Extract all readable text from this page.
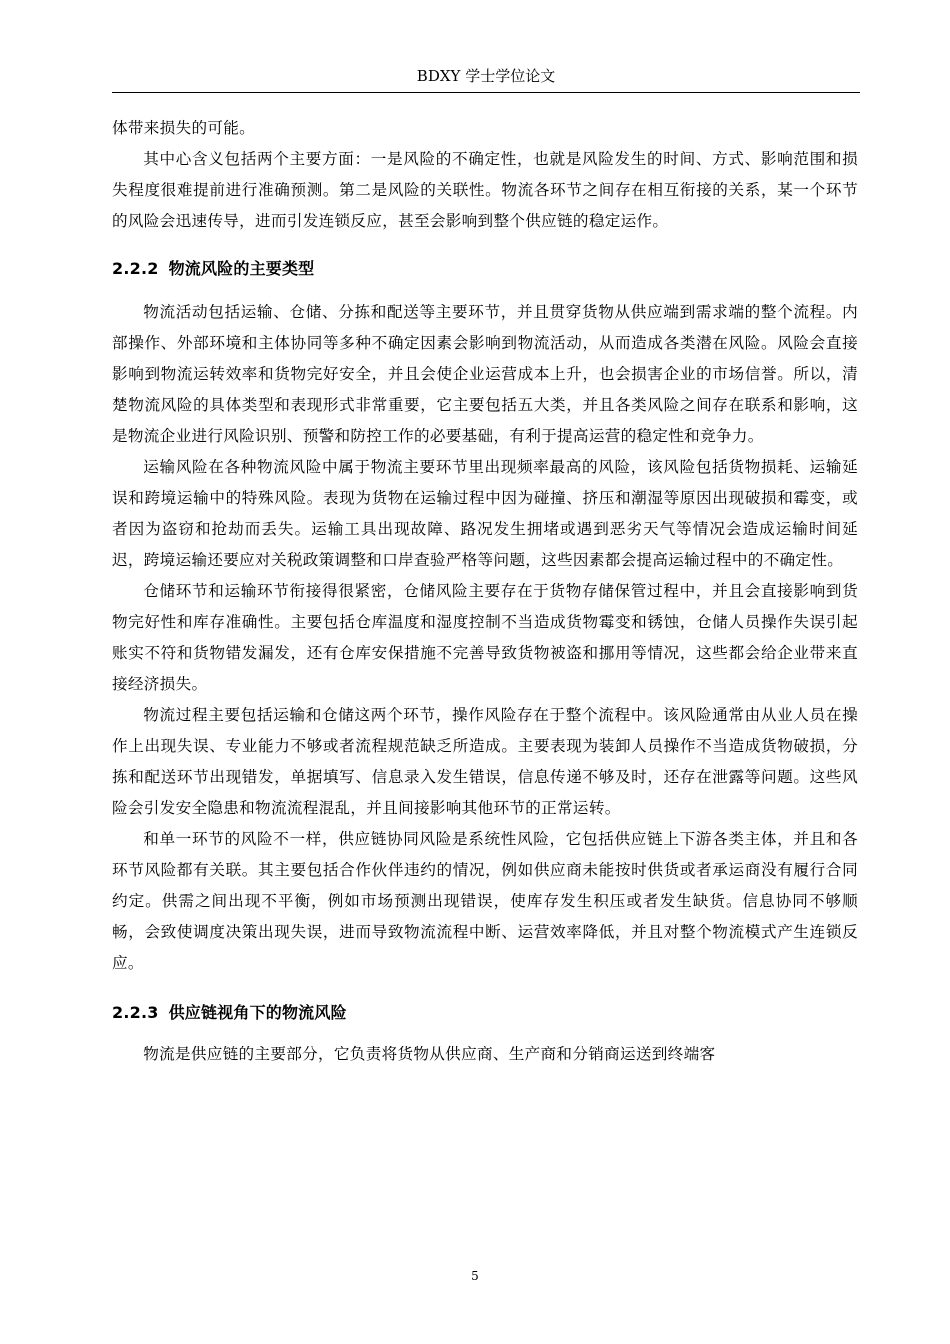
BDXY 学士学位论文

体带来损失的可能。

其中心含义包括两个主要方面：一是风险的不确定性，也就是风险发生的时间、方式、影响范围和损失程度很难提前进行准确预测。第二是风险的关联性。物流各环节之间存在相互衔接的关系，某一个环节的风险会迅速传导，进而引发连锁反应，甚至会影响到整个供应链的稳定运作。

2.2.2 物流风险的主要类型

物流活动包括运输、仓储、分拣和配送等主要环节，并且贯穿货物从供应端到需求端的整个流程。内部操作、外部环境和主体协同等多种不确定因素会影响到物流活动，从而造成各类潜在风险。风险会直接影响到物流运转效率和货物完好安全，并且会使企业运营成本上升，也会损害企业的市场信誉。所以，清楚物流风险的具体类型和表现形式非常重要，它主要包括五大类，并且各类风险之间存在联系和影响，这是物流企业进行风险识别、预警和防控工作的必要基础，有利于提高运营的稳定性和竞争力。

运输风险在各种物流风险中属于物流主要环节里出现频率最高的风险，该风险包括货物损耗、运输延误和跨境运输中的特殊风险。表现为货物在运输过程中因为碰撞、挤压和潮湿等原因出现破损和霉变，或者因为盗窃和抢劫而丢失。运输工具出现故障、路况发生拥堵或遇到恶劣天气等情况会造成运输时间延迟，跨境运输还要应对关税政策调整和口岸查验严格等问题，这些因素都会提高运输过程中的不确定性。

仓储环节和运输环节衔接得很紧密，仓储风险主要存在于货物存储保管过程中，并且会直接影响到货物完好性和库存准确性。主要包括仓库温度和湿度控制不当造成货物霉变和锈蚀，仓储人员操作失误引起账实不符和货物错发漏发，还有仓库安保措施不完善导致货物被盗和挪用等情况，这些都会给企业带来直接经济损失。

物流过程主要包括运输和仓储这两个环节，操作风险存在于整个流程中。该风险通常由从业人员在操作上出现失误、专业能力不够或者流程规范缺乏所造成。主要表现为装卸人员操作不当造成货物破损，分拣和配送环节出现错发，单据填写、信息录入发生错误，信息传递不够及时，还存在泄露等问题。这些风险会引发安全隐患和物流流程混乱，并且间接影响其他环节的正常运转。

和单一环节的风险不一样，供应链协同风险是系统性风险，它包括供应链上下游各类主体，并且和各环节风险都有关联。其主要包括合作伙伴违约的情况，例如供应商未能按时供货或者承运商没有履行合同约定。供需之间出现不平衡，例如市场预测出现错误，使库存发生积压或者发生缺货。信息协同不够顺畅，会致使调度决策出现失误，进而导致物流流程中断、运营效率降低，并且对整个物流模式产生连锁反应。

2.2.3 供应链视角下的物流风险

物流是供应链的主要部分，它负责将货物从供应商、生产商和分销商运送到终端客

5
